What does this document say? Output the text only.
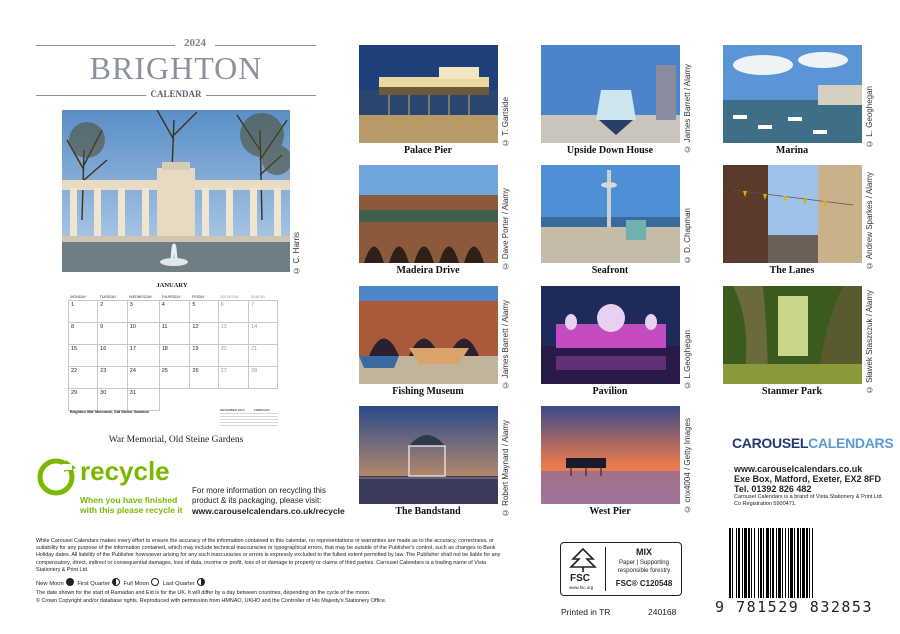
2024
BRIGHTON
CALENDAR
© C. Harris
JANUARY
MONDAY	TUESDAY	WEDNESDAY	THURSDAY	FRIDAY	SATURDAY	SUNDAY
1	2	3	4	5	6	7
8	9	10	11	12	13	14
15	16	17	18	19	20	21
22	23	24	25	26	27	28
29	30	31				
Brighton War Memorial, Old Steine Gardens	DECEMBER 2023	FEBRUARY
War Memorial, Old Steine Gardens
© T. Gartside
Palace Pier	© James Barrett / Alamy
Upside Down House
© L. Geoghegan
Marina
© Dave Porter / Alamy
Madeira Drive
© D. Chapman
Seafront
© Andrew Sparkes / Alamy
The Lanes
© James Barrett / Alamy
Fishing Museum
© L.Geoghegan
Pavilion	© Sławek Staszczuk / Alamy
Stanmer Park
© Robert Maynard / Alamy
The Bandstand	© cnx4004 / Getty Images
West Pier
CAROUSELCALENDARS
www.carouselcalendars.co.uk
Exe Box, Matford, Exeter, EX2 8FD
Tel. 01392 826 482
Carousel Calendars is a brand of Vista Stationery & Print Ltd.
Co Registration 5900471.
recycle
When you have finished
with this please recycle it
For more information on recycling this
product & its packaging, please visit:
www.carouselcalendars.co.uk/recycle
While Carousel Calendars makes every effort to ensure the accuracy of the information contained in this calendar, no representations or warranties are made as to the accuracy, correctness, or suitability for any purpose of the information contained, which may include technical inaccuracies or typographical errors, that may be outside of the Publisher's control, such as changes to Bank Holiday dates. All liability of the Publisher howsoever arising for any such inaccuracies or errors is expressly excluded to the fullest extent permitted by law. The Publisher shall not be liable for any compensatory, direct, indirect or consequential damages, loss of data, income or profit, loss of or damage to property or claims of third parties. Carousel Calendars is a trading name of Vista Stationery & Print Ltd.
New Moon First Quarter Full Moon Last Quarter
The date shown for the start of Ramadan and Eid is for the UK. It will differ by a day between countries, depending on the cycle of the moon.
© Crown Copyright and/or database rights. Reproduced with permission from HMNAO, UKHO and the Controller of His Majesty's Stationery Office.
FSC
www.fsc.org
MIX
Paper | Supporting
responsible forestry
FSC® C120548
Printed in TR	240168	9 781529 832853
